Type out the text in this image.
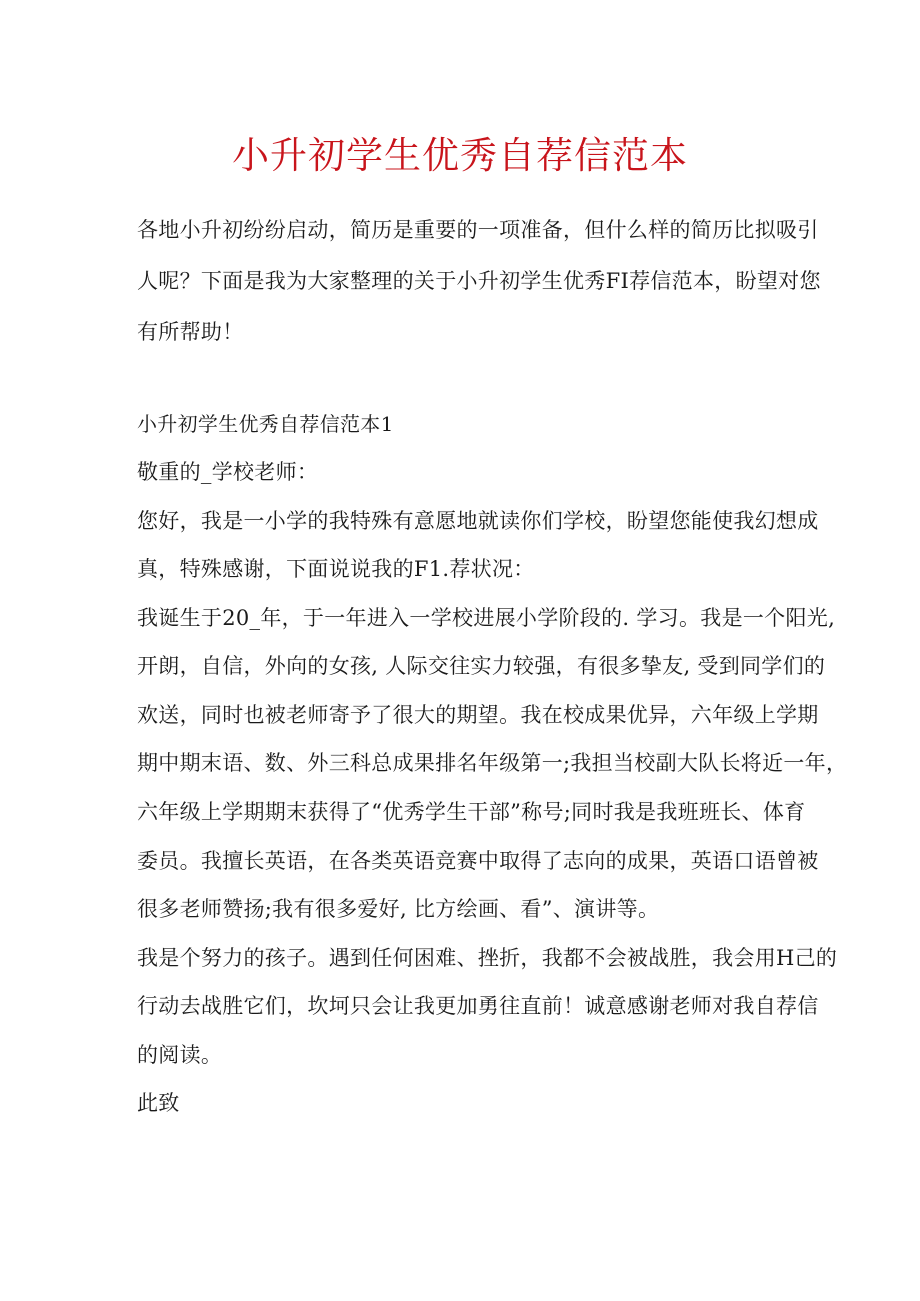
小升初学生优秀自荐信范本
各地小升初纷纷启动，简历是重要的一项准备，但什么样的简历比拟吸引
人呢？下面是我为大家整理的关于小升初学生优秀FI荐信范本，盼望对您
有所帮助！
小升初学生优秀自荐信范本1
敬重的_学校老师：
您好，我是一小学的我特殊有意愿地就读你们学校，盼望您能使我幻想成
真，特殊感谢，下面说说我的F1.荐状况：
我诞生于20_年，于一年进入一学校进展小学阶段的. 学习。我是一个阳光,
开朗，自信，外向的女孩, 人际交往实力较强，有很多挚友, 受到同学们的
欢送，同时也被老师寄予了很大的期望。我在校成果优异，六年级上学期
期中期末语、数、外三科总成果排名年级第一;我担当校副大队长将近一年，
六年级上学期期末获得了“优秀学生干部”称号;同时我是我班班长、体育
委员。我擅长英语，在各类英语竞赛中取得了志向的成果，英语口语曾被
很多老师赞扬;我有很多爱好, 比方绘画、看”、演讲等。
我是个努力的孩子。遇到任何困难、挫折，我都不会被战胜，我会用H己的
行动去战胜它们，坎坷只会让我更加勇往直前！诚意感谢老师对我自荐信
的阅读。
此致
